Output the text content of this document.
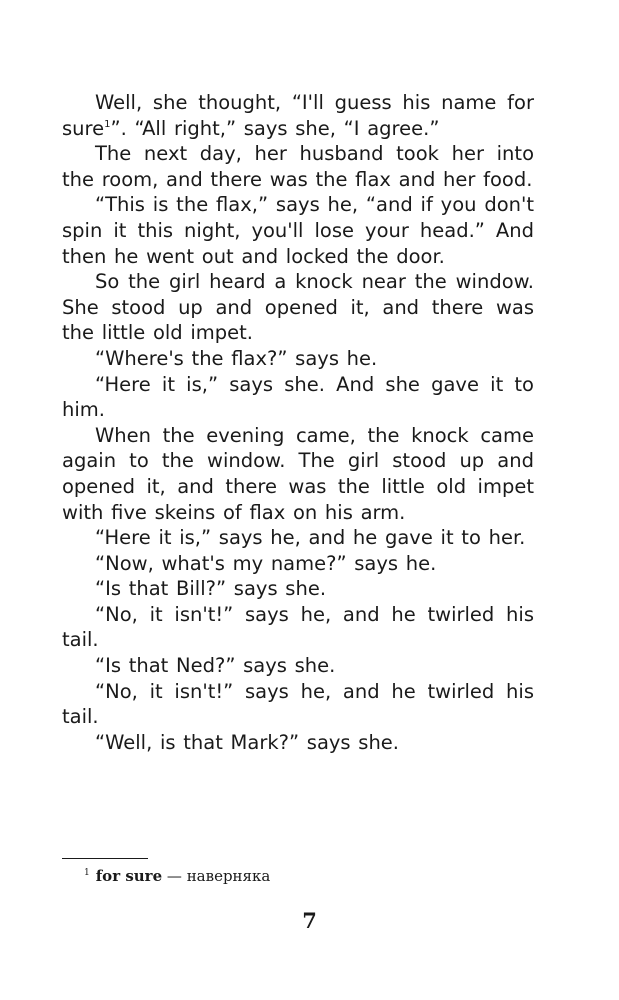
Well, she thought, “I'll guess his name for sure$^1$”. “All right,” says she, “I agree.”

The next day, her husband took her into the room, and there was the flax and her food.

“This is the flax,” says he, “and if you don't spin it this night, you'll lose your head.” And then he went out and locked the door.

So the girl heard a knock near the window. She stood up and opened it, and there was the little old impet.

“Where's the flax?” says he.

“Here it is,” says she. And she gave it to him.

When the evening came, the knock came again to the window. The girl stood up and opened it, and there was the little old impet with five skeins of flax on his arm.

“Here it is,” says he, and he gave it to her.

“Now, what's my name?” says he.

“Is that Bill?” says she.

“No, it isn't!” says he, and he twirled his tail.

“Is that Ned?” says she.

“No, it isn't!” says he, and he twirled his tail.

“Well, is that Mark?” says she.

$^1$ for sure — наверняка
7
